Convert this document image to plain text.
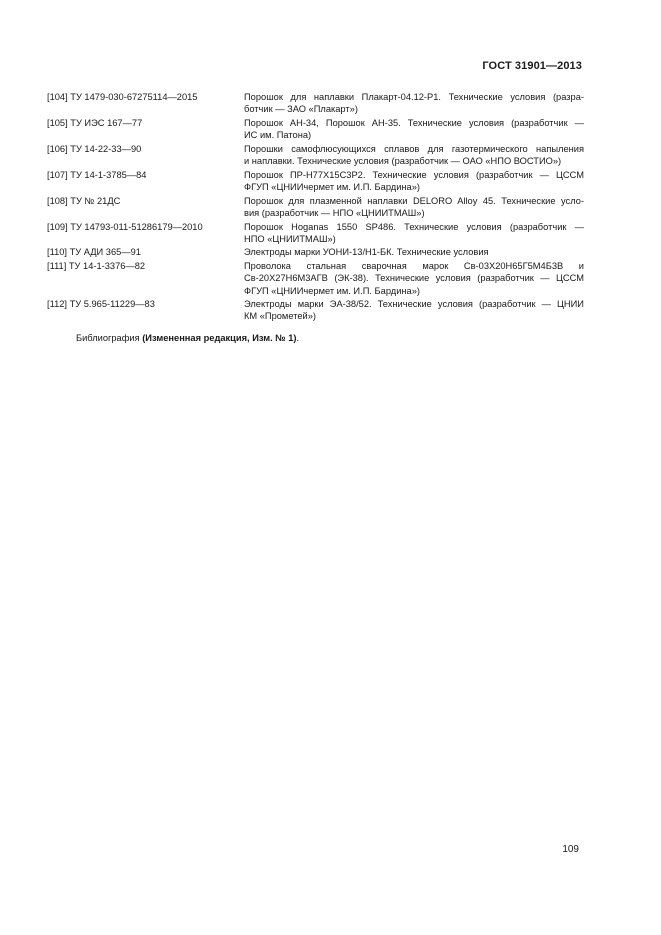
ГОСТ 31901—2013
[104] ТУ 1479-030-67275114—2015	Порошок для наплавки Плакарт-04.12-Р1. Технические условия (разра-
ботчик — ЗАО «Плакарт»)
[105] ТУ ИЭС 167—77	Порошок АН-34, Порошок АН-35. Технические условия (разработчик —
ИС им. Патона)
[106] ТУ 14-22-33—90	Порошки самофлюсующихся сплавов для газотермического напыления
и наплавки. Технические условия (разработчик — ОАО «НПО ВОСТИО»)
[107] ТУ 14-1-3785—84	Порошок ПР-Н77Х15С3Р2. Технические условия (разработчик — ЦССМ
ФГУП «ЦНИИчермет им. И.П. Бардина»)
[108] ТУ № 21ДС	Порошок для плазменной наплавки DELORO Alloy 45. Технические усло-
вия (разработчик — НПО «ЦНИИТМАШ»)
[109] ТУ 14793-011-51286179—2010	Порошок Hoganas 1550 SP486. Технические условия (разработчик —
НПО «ЦНИИТМАШ»)
[110] ТУ АДИ 365—91	Электроды марки УОНИ-13/Н1-БК. Технические условия
[111] ТУ 14-1-3376—82	Проволока стальная сварочная марок Св-03Х20Н65Г5М4Б3В и
Св-20Х27Н6М3АГВ (ЭК-38). Технические условия (разработчик — ЦССМ
ФГУП «ЦНИИчермет им. И.П. Бардина»)
[112] ТУ 5.965-11229—83	Электроды марки ЭА-38/52. Технические условия (разработчик — ЦНИИ
КМ «Прометей»)
Библиография (Измененная редакция, Изм. № 1).
109
